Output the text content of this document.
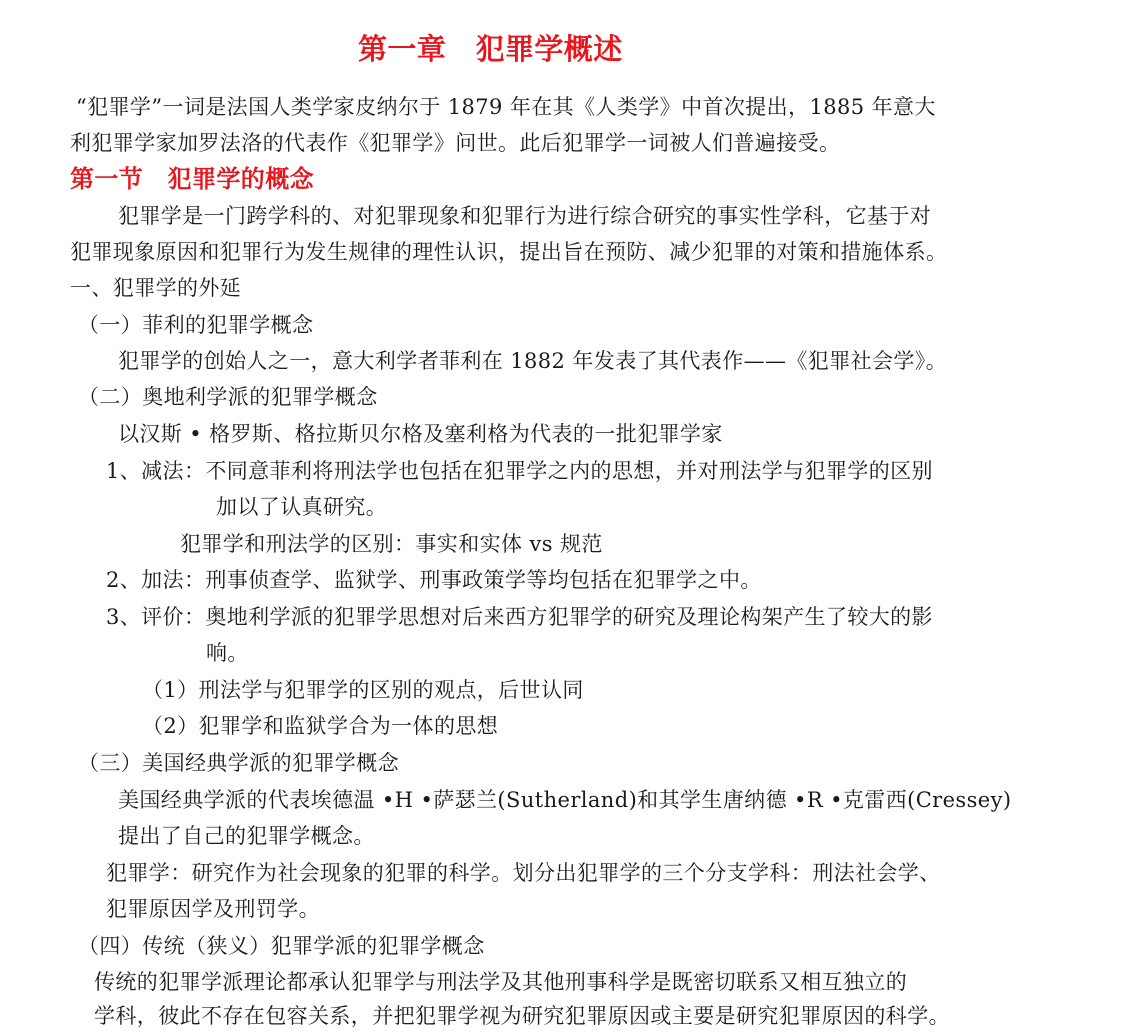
第一章　犯罪学概述
“犯罪学”一词是法国人类学家皮纳尔于 1879 年在其《人类学》中首次提出，1885 年意大
利犯罪学家加罗法洛的代表作《犯罪学》问世。此后犯罪学一词被人们普遍接受。
第一节　犯罪学的概念
犯罪学是一门跨学科的、对犯罪现象和犯罪行为进行综合研究的事实性学科，它基于对
犯罪现象原因和犯罪行为发生规律的理性认识，提出旨在预防、减少犯罪的对策和措施体系。
一、犯罪学的外延
（一）菲利的犯罪学概念
犯罪学的创始人之一，意大利学者菲利在 1882 年发表了其代表作——《犯罪社会学》。
（二）奥地利学派的犯罪学概念
以汉斯 • 格罗斯、格拉斯贝尔格及塞利格为代表的一批犯罪学家
1、减法：不同意菲利将刑法学也包括在犯罪学之内的思想，并对刑法学与犯罪学的区别
加以了认真研究。
犯罪学和刑法学的区别：事实和实体 vs 规范
2、加法：刑事侦查学、监狱学、刑事政策学等均包括在犯罪学之中。
3、评价：奥地利学派的犯罪学思想对后来西方犯罪学的研究及理论构架产生了较大的影
响。
（1）刑法学与犯罪学的区别的观点，后世认同
（2）犯罪学和监狱学合为一体的思想
（三）美国经典学派的犯罪学概念
美国经典学派的代表埃德温 •H •萨瑟兰(Sutherland)和其学生唐纳德 •R •克雷西(Cressey)
提出了自己的犯罪学概念。
犯罪学：研究作为社会现象的犯罪的科学。划分出犯罪学的三个分支学科：刑法社会学、
犯罪原因学及刑罚学。
（四）传统（狭义）犯罪学派的犯罪学概念
传统的犯罪学派理论都承认犯罪学与刑法学及其他刑事科学是既密切联系又相互独立的
学科，彼此不存在包容关系，并把犯罪学视为研究犯罪原因或主要是研究犯罪原因的科学。
